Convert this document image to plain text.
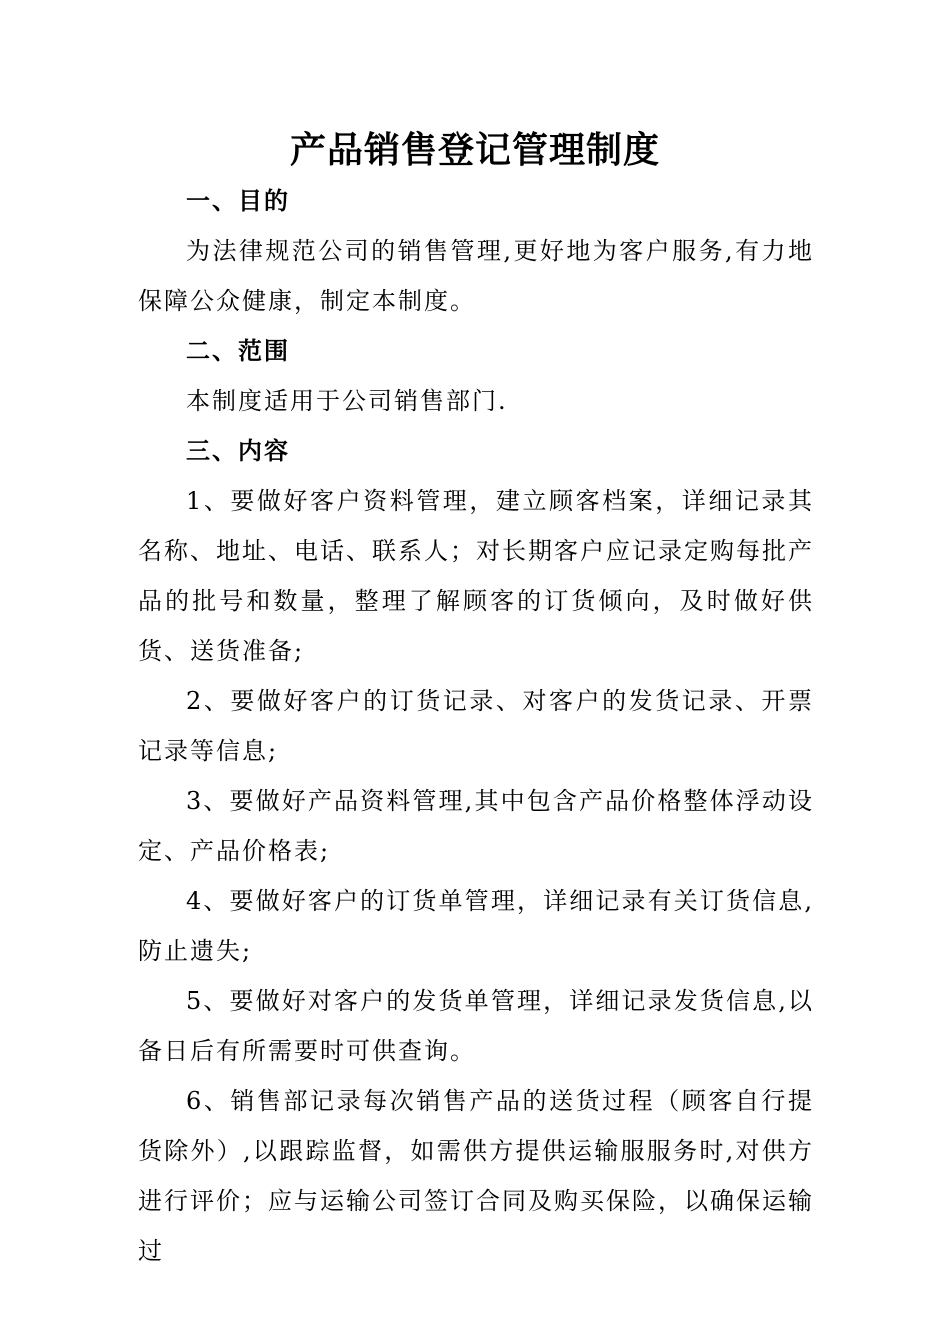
产品销售登记管理制度
一、目的

为法律规范公司的销售管理,更好地为客户服务,有力地保障公众健康，制定本制度。

二、范围

本制度适用于公司销售部门.

三、内容

1、要做好客户资料管理，建立顾客档案，详细记录其名称、地址、电话、联系人；对长期客户应记录定购每批产品的批号和数量，整理了解顾客的订货倾向，及时做好供货、送货准备;

2、要做好客户的订货记录、对客户的发货记录、开票记录等信息;

3、要做好产品资料管理,其中包含产品价格整体浮动设定、产品价格表;

4、要做好客户的订货单管理，详细记录有关订货信息,防止遗失;

5、要做好对客户的发货单管理，详细记录发货信息,以备日后有所需要时可供查询。

6、销售部记录每次销售产品的送货过程（顾客自行提货除外）,以跟踪监督，如需供方提供运输服服务时,对供方进行评价；应与运输公司签订合同及购买保险，以确保运输过
